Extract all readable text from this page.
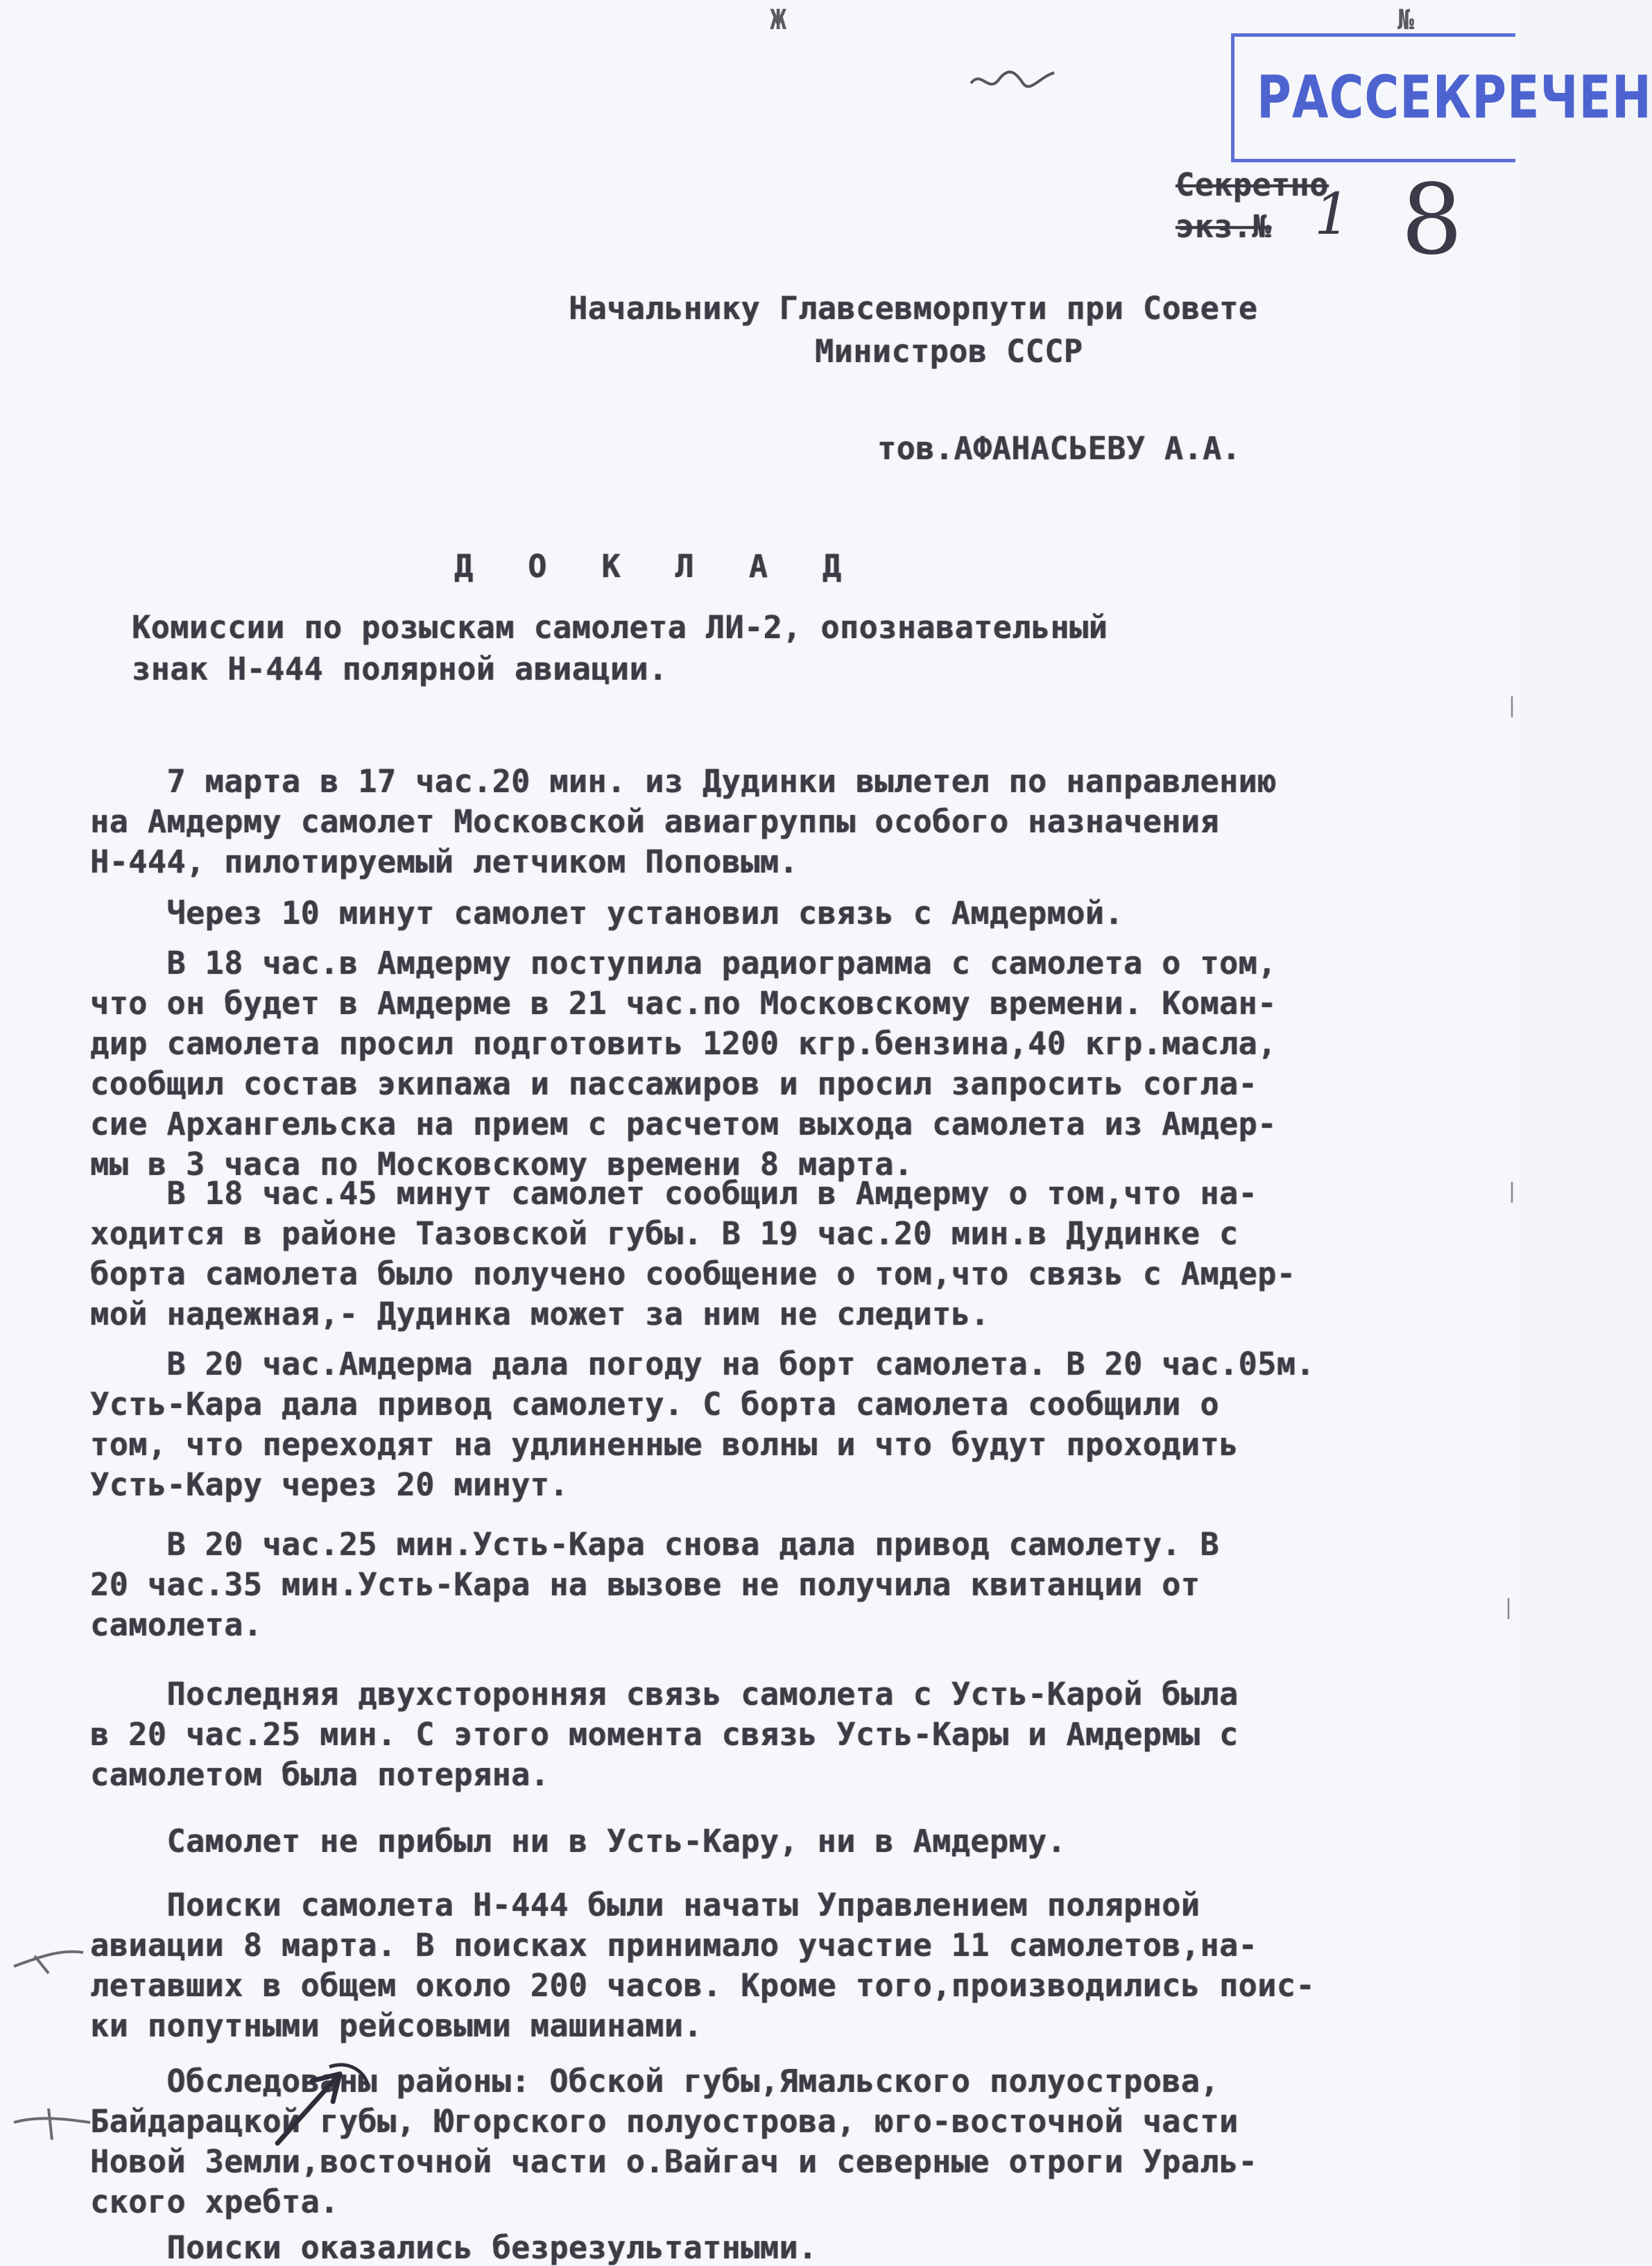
Ж	№
РАССЕКРЕЧЕН
Секретно
экз.№ 1 8
Начальнику Главсевморпути при Совете
Министров СССР
тов.АФАНАСЬЕВУ А.А.
Д О К Л А Д
Комиссии по розыскам самолета ЛИ-2, опознавательный
знак Н-444 полярной авиации.
7 марта в 17 час.20 мин. из Дудинки вылетел по направлению
на Амдерму самолет Московской авиагруппы особого назначения
Н-444, пилотируемый летчиком Поповым.
Через 10 минут самолет установил связь с Амдермой.
В 18 час.в Амдерму поступила радиограмма с самолета о том,
что он будет в Амдерме в 21 час.по Московскому времени. Коман-
дир самолета просил подготовить 1200 кгр.бензина,40 кгр.масла,
сообщил состав экипажа и пассажиров и просил запросить согла-
сие Архангельска на прием с расчетом выхода самолета из Амдер-
мы в 3 часа по Московскому времени 8 марта.
В 18 час.45 минут самолет сообщил в Амдерму о том,что на-
ходится в районе Тазовской губы. В 19 час.20 мин.в Дудинке с
борта самолета было получено сообщение о том,что связь с Амдер-
мой надежная,- Дудинка может за ним не следить.
В 20 час.Амдерма дала погоду на борт самолета. В 20 час.05м.
Усть-Кара дала привод самолету. С борта самолета сообщили о
том, что переходят на удлиненные волны и что будут проходить
Усть-Кару через 20 минут.
В 20 час.25 мин.Усть-Кара снова дала привод самолету. В
20 час.35 мин.Усть-Кара на вызове не получила квитанции от
самолета.
Последняя двухсторонняя связь самолета с Усть-Карой была
в 20 час.25 мин. С этого момента связь Усть-Кары и Амдермы с
самолетом была потеряна.
Самолет не прибыл ни в Усть-Кару, ни в Амдерму.
Поиски самолета Н-444 были начаты Управлением полярной
авиации 8 марта. В поисках принимало участие 11 самолетов,на-
летавших в общем около 200 часов. Кроме того,производились поис-
ки попутными рейсовыми машинами.
Обследованы районы: Обской губы,Ямальского полуострова,
Байдарацкой губы, Югорского полуострова, юго-восточной части
Новой Земли,восточной части о.Вайгач и северные отроги Ураль-
ского хребта.
Поиски оказались безрезультатными.
|
|
|
